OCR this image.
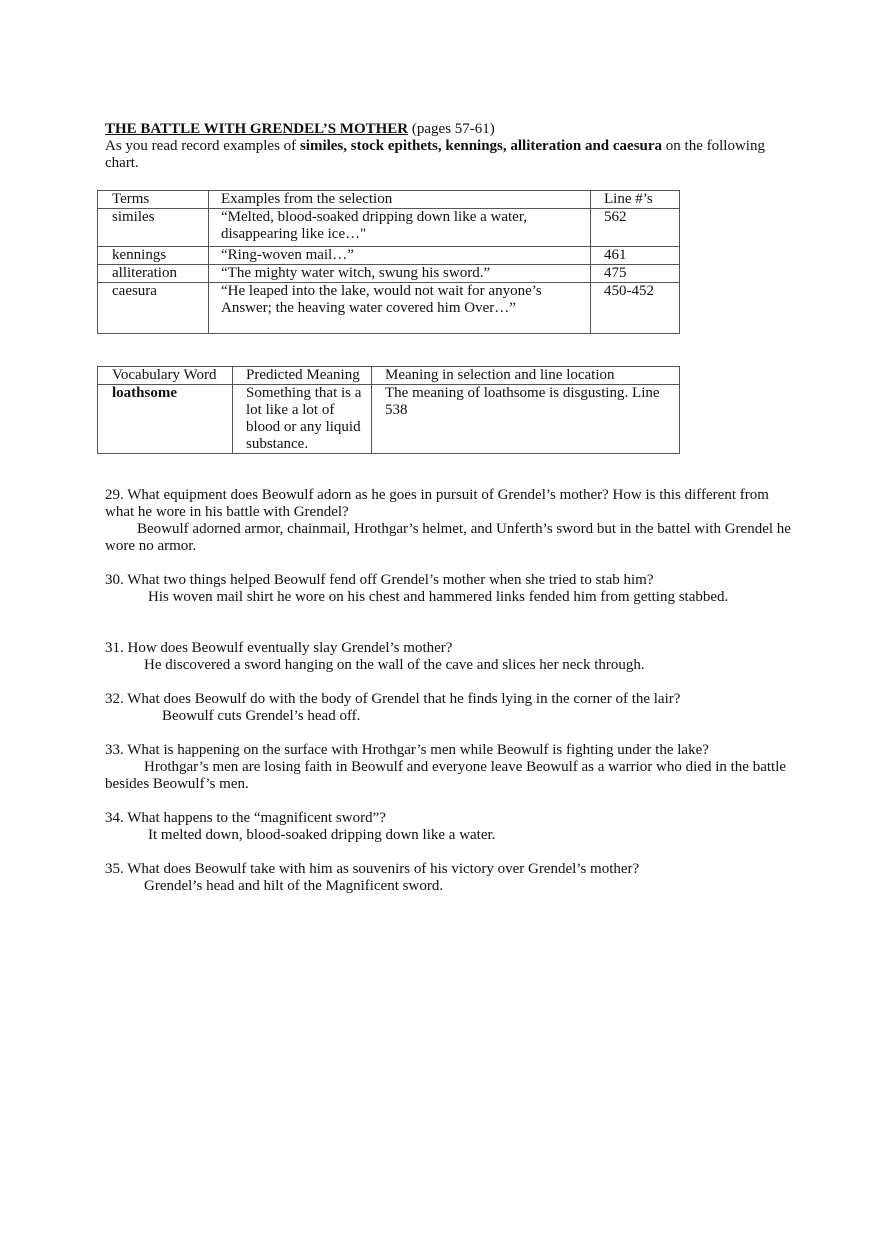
THE BATTLE WITH GRENDEL’S MOTHER (pages 57-61)
As you read record examples of similes, stock epithets, kennings, alliteration and caesura on the following chart.
Terms	Examples from the selection	Line #’s
similes	“Melted, blood-soaked dripping down like a water, disappearing like ice…"	562
kennings	“Ring-woven mail…”	461
alliteration	“The mighty water witch, swung his sword.”	475
caesura	“He leaped into the lake, would not wait for anyone’s Answer; the heaving water covered him Over…”	450-452
Vocabulary Word	Predicted Meaning	Meaning in selection and line location
loathsome	Something that is a lot like a lot of blood or any liquid substance.	The meaning of loathsome is disgusting. Line 538
29. What equipment does Beowulf adorn as he goes in pursuit of Grendel’s mother? How is this different from what he wore in his battle with Grendel?
Beowulf adorned armor, chainmail, Hrothgar’s helmet, and Unferth’s sword but in the battel with Grendel he wore no armor.
30. What two things helped Beowulf fend off Grendel’s mother when she tried to stab him?
His woven mail shirt he wore on his chest and hammered links fended him from getting stabbed.
31. How does Beowulf eventually slay Grendel’s mother?
He discovered a sword hanging on the wall of the cave and slices her neck through.
32. What does Beowulf do with the body of Grendel that he finds lying in the corner of the lair?
Beowulf cuts Grendel’s head off.
33. What is happening on the surface with Hrothgar’s men while Beowulf is fighting under the lake?
Hrothgar’s men are losing faith in Beowulf and everyone leave Beowulf as a warrior who died in the battle besides Beowulf’s men.
34. What happens to the “magnificent sword”?
It melted down, blood-soaked dripping down like a water.
35. What does Beowulf take with him as souvenirs of his victory over Grendel’s mother?
Grendel’s head and hilt of the Magnificent sword.
